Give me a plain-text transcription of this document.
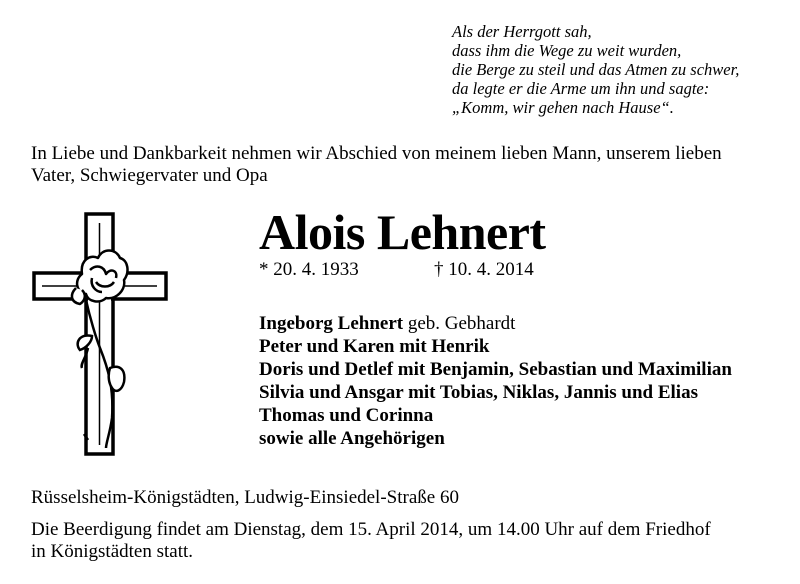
Als der Herrgott sah,
dass ihm die Wege zu weit wurden,
die Berge zu steil und das Atmen zu schwer,
da legte er die Arme um ihn und sagte:
„Komm, wir gehen nach Hause“.
In Liebe und Dankbarkeit nehmen wir Abschied von meinem lieben Mann, unserem lieben
Vater, Schwiegervater und Opa
Alois Lehnert
* 20. 4. 1933	† 10. 4. 2014
Ingeborg Lehnert geb. Gebhardt
Peter und Karen mit Henrik
Doris und Detlef mit Benjamin, Sebastian und Maximilian
Silvia und Ansgar mit Tobias, Niklas, Jannis und Elias
Thomas und Corinna
sowie alle Angehörigen
Rüsselsheim-Königstädten, Ludwig-Einsiedel-Straße 60
Die Beerdigung findet am Dienstag, dem 15. April 2014, um 14.00 Uhr auf dem Friedhof
in Königstädten statt.
